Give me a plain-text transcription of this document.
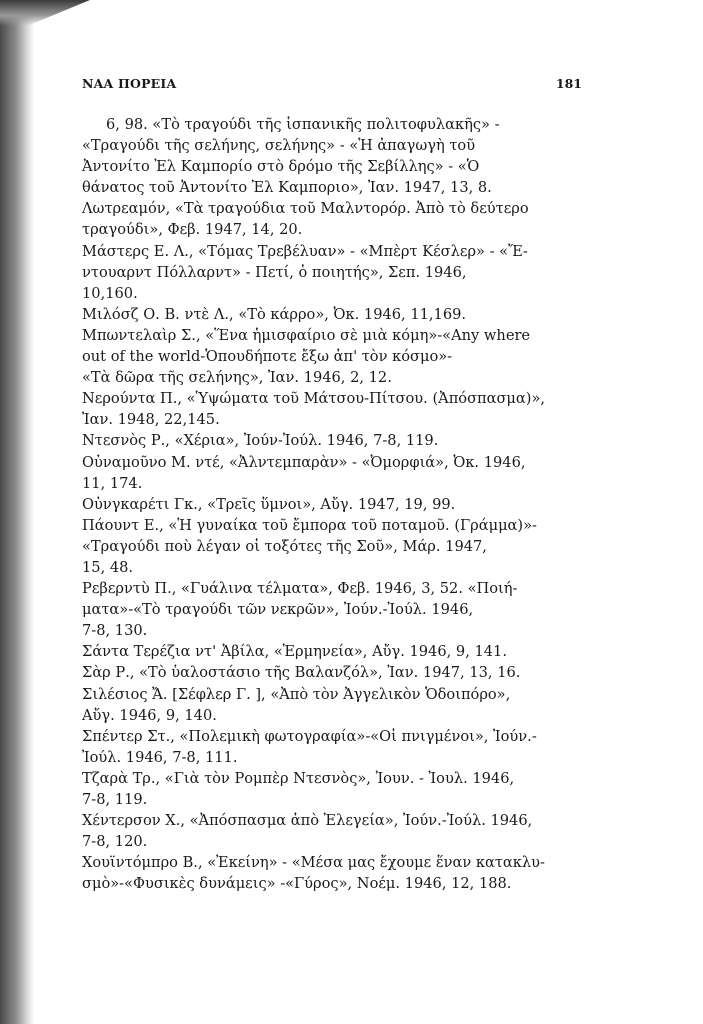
ΝΑΑ ΠΟΡΕΙΑ	181
6, 98. «Τὸ τραγούδι τῆς ἱσπανικῆς πολιτοφυλακῆς» -
«Τραγούδι τῆς σελήνης, σελήνης» - «Ἡ ἀπαγωγὴ τοῦ
Ἀντονίτο Ἐλ Καμπορίο στὸ δρόμο τῆς Σεβίλλης» - «Ὁ
θάνατος τοῦ Ἀντονίτο Ἐλ Καμποριο», Ἰαν. 1947, 13, 8.
Λωτρεαμόν, «Τὰ τραγούδια τοῦ Μαλντορόρ. Ἀπὸ τὸ δεύτερο
τραγούδι», Φεβ. 1947, 14, 20.
Μάστερς Ε. Λ., «Τόμας Τρεβέλυαν» - «Μπὲρτ Κέσλερ» - «Ἔ-
ντουαρντ Πόλλαρντ» - Πετί, ὁ ποιητής», Σεπ. 1946,
10,160.
Μιλόσζ Ο. Β. ντὲ Λ., «Τὸ κάρρο», Ὀκ. 1946, 11,169.
Μπωντελαὶρ Σ., «Ἕνα ἡμισφαίριο σὲ μιὰ κόμη»-«Any where
out of the world-Ὁπουδήποτε ἔξω ἀπ' τὸν κόσμο»-
«Τὰ δῶρα τῆς σελήνης», Ἰαν. 1946, 2, 12.
Νερούντα Π., «Ὑψώματα τοῦ Μάτσου-Πίτσου. (Ἀπόσπασμα)»,
Ἰαν. 1948, 22,145.
Ντεσνὸς Ρ., «Χέρια», Ἰούν-Ἰούλ. 1946, 7-8, 119.
Οὐναμοῦνο Μ. ντέ, «Ἀλντεμπαρὰν» - «Ὀμορφιά», Ὀκ. 1946,
11, 174.
Οὐνγκαρέτι Γκ., «Τρεῖς ὕμνοι», Αὔγ. 1947, 19, 99.
Πάουντ Ε., «Ἡ γυναίκα τοῦ ἔμπορα τοῦ ποταμοῦ. (Γράμμα)»-
«Τραγούδι ποὺ λέγαν οἱ τοξότες τῆς Σοῦ», Μάρ. 1947,
15, 48.
Ρεβερντὺ Π., «Γυάλινα τέλματα», Φεβ. 1946, 3, 52. «Ποιή-
ματα»-«Τὸ τραγούδι τῶν νεκρῶν», Ἰούν.-Ἰούλ. 1946,
7-8, 130.
Σάντα Τερέζια ντ' Ἀβίλα, «Ἑρμηνεία», Αὔγ. 1946, 9, 141.
Σὰρ Ρ., «Τὸ ὑαλοστάσιο τῆς Βαλανζόλ», Ἰαν. 1947, 13, 16.
Σιλέσιος Ἄ. [Σέφλερ Γ. ], «Ἀπὸ τὸν Ἀγγελικὸν Ὁδοιπόρο»,
Αὔγ. 1946, 9, 140.
Σπέντερ Στ., «Πολεμικὴ φωτογραφία»-«Οἱ πνιγμένοι», Ἰούν.-
Ἰούλ. 1946, 7-8, 111.
Τζαρὰ Τρ., «Γιὰ τὸν Ρομπὲρ Ντεσνὸς», Ἰουν. - Ἰουλ. 1946,
7-8, 119.
Χέντερσον Χ., «Ἀπόσπασμα ἀπὸ Ἐλεγεία», Ἰούν.-Ἰούλ. 1946,
7-8, 120.
Χουϊντόμπρο Β., «Ἐκείνη» - «Μέσα μας ἔχουμε ἕναν κατακλυ-
σμὸ»-«Φυσικὲς δυνάμεις» -«Γύρος», Νοέμ. 1946, 12, 188.
